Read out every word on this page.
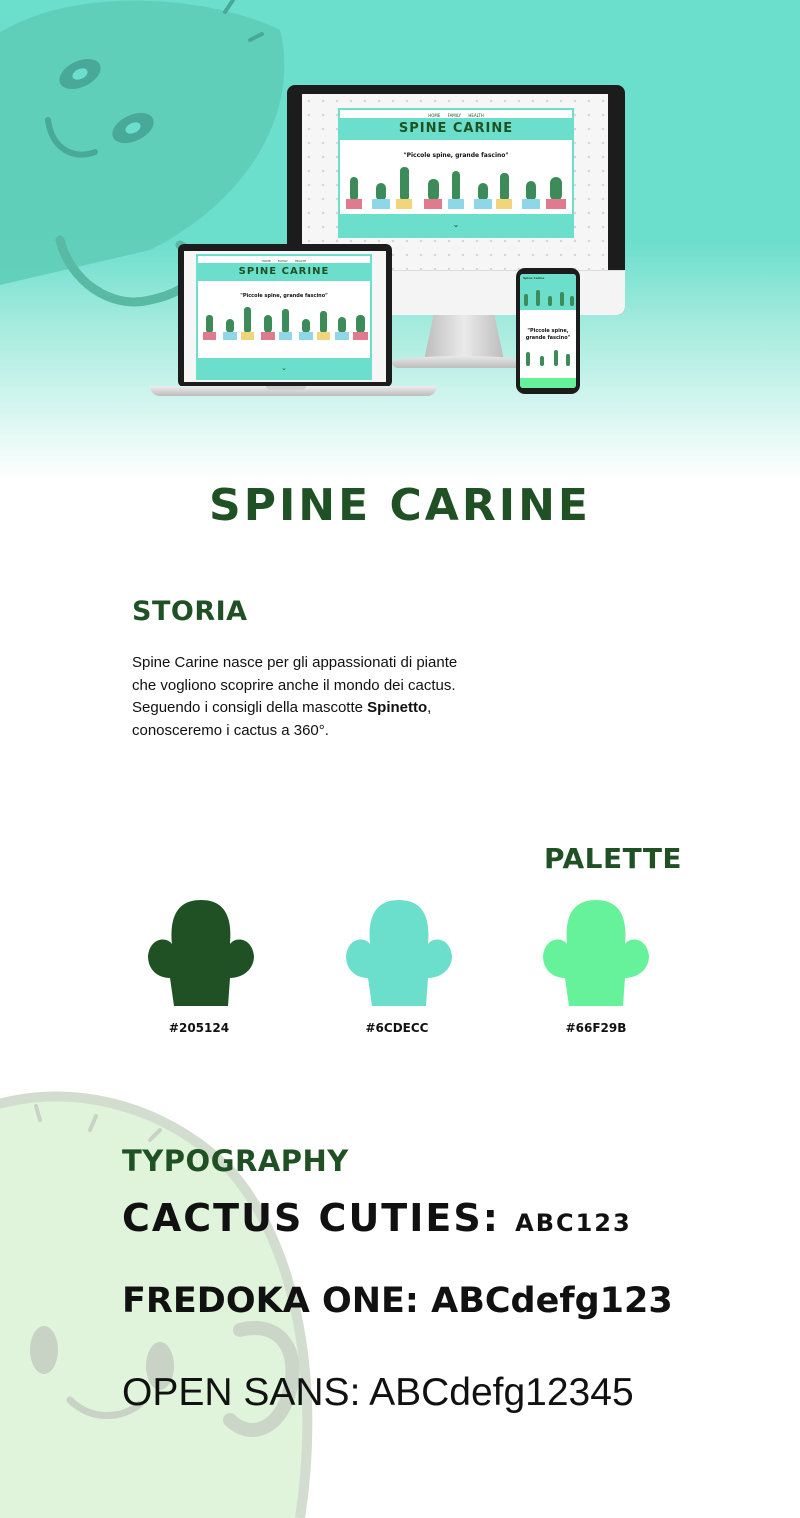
HOME FAMILY HEALTH
SPINE CARINE
"Piccole spine, grande fascino"
⌄
HOME FAMILY HEALTH
SPINE CARINE
"Piccole spine, grande fascino"
⌄
Spine Carine
"Piccole spine, grande fascino"
SPINE CARINE
STORIA
Spine Carine nasce per gli appassionati di piante
che vogliono scoprire anche il mondo dei cactus.
Seguendo i consigli della mascotte Spinetto,
conosceremo i cactus a 360°.
PALETTE
#205124	#6CDECC	#66F29B
TYPOGRAPHY
CACTUS CUTIES: ABC123
FREDOKA ONE: ABCdefg123
OPEN SANS: ABCdefg12345
